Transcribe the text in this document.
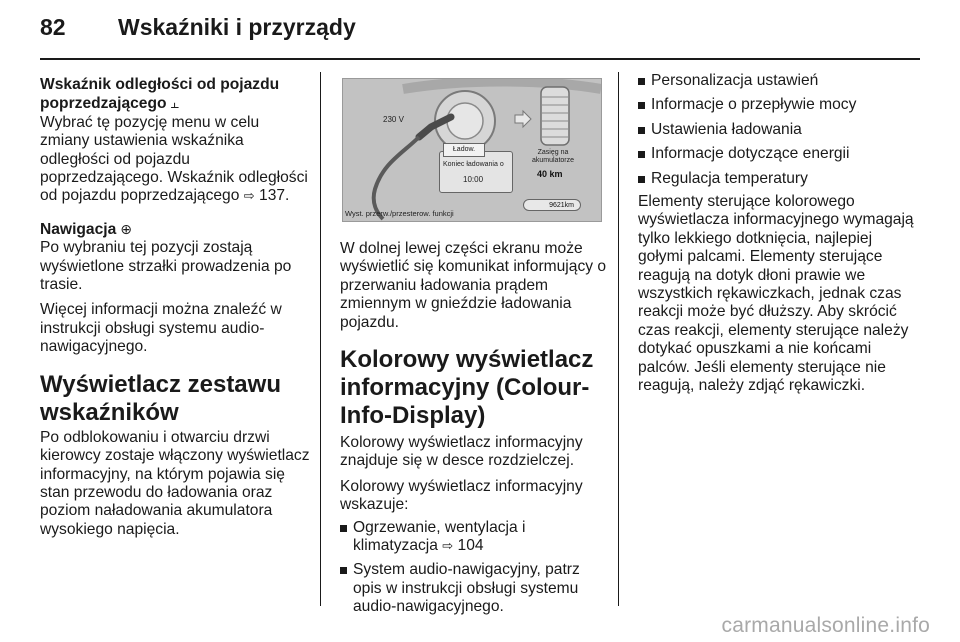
82 Wskaźniki i przyrządy

Wskaźnik odległości od pojazdu poprzedzającego ⫠

Wybrać tę pozycję menu w celu zmiany ustawienia wskaźnika odległości od pojazdu poprzedzającego. Wskaźnik odległości od pojazdu poprzedzającego ⇨ 137.

Nawigacja ⊕

Po wybraniu tej pozycji zostają wyświetlone strzałki prowadzenia po trasie.

Więcej informacji można znaleźć w instrukcji obsługi systemu audio-nawigacyjnego.

Wyświetlacz zestawu wskaźników

Po odblokowaniu i otwarciu drzwi kierowcy zostaje włączony wyświetlacz informacyjny, na którym pojawia się stan przewodu do ładowania oraz poziom naładowania akumulatora wysokiego napięcia.

230 V
Ładow.
Koniec ładowania o
10:00
Zasięg na akumulatorze
40 km
9621km
Wyst. przerw./przesterow. funkcji

W dolnej lewej części ekranu może wyświetlić się komunikat informujący o przerwaniu ładowania prądem zmiennym w gnieździe ładowania pojazdu.

Kolorowy wyświetlacz informacyjny (Colour-Info-Display)

Kolorowy wyświetlacz informacyjny znajduje się w desce rozdzielczej.

Kolorowy wyświetlacz informacyjny wskazuje:

Ogrzewanie, wentylacja i klimatyzacja ⇨ 104
System audio-nawigacyjny, patrz opis w instrukcji obsługi systemu audio-nawigacyjnego.
Personalizacja ustawień
Informacje o przepływie mocy
Ustawienia ładowania
Informacje dotyczące energii
Regulacja temperatury

Elementy sterujące kolorowego wyświetlacza informacyjnego wymagają tylko lekkiego dotknięcia, najlepiej gołymi palcami. Elementy sterujące reagują na dotyk dłoni prawie we wszystkich rękawiczkach, jednak czas reakcji może być dłuższy. Aby skrócić czas reakcji, elementy sterujące należy dotykać opuszkami a nie końcami palców. Jeśli elementy sterujące nie reagują, należy zdjąć rękawiczki.

carmanualsonline.info
